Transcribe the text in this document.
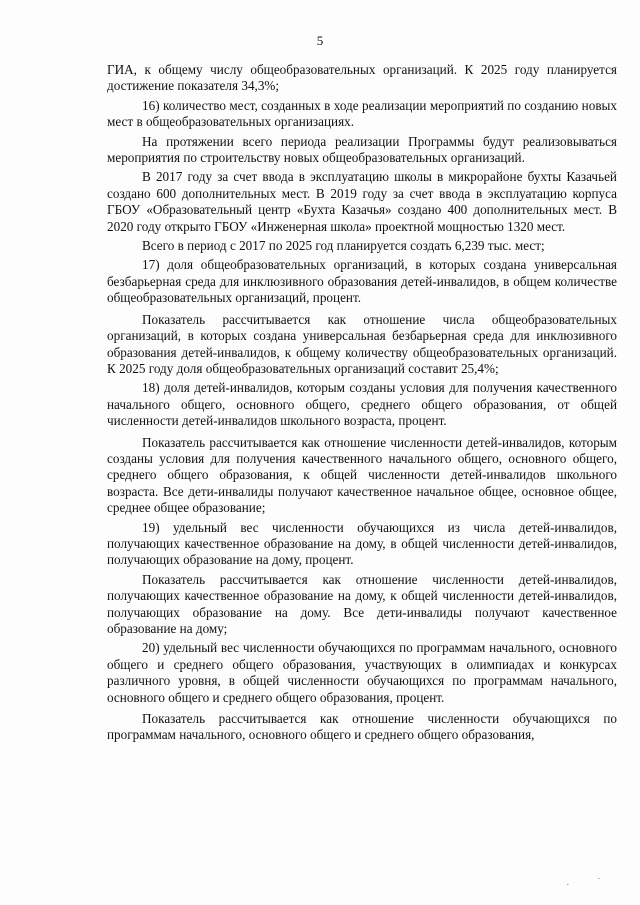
5

ГИА, к общему числу общеобразовательных организаций. К 2025 году планируется достижение показателя 34,3%;

16) количество мест, созданных в ходе реализации мероприятий по созданию новых мест в общеобразовательных организациях.

На протяжении всего периода реализации Программы будут реализовываться мероприятия по строительству новых общеобразовательных организаций.

В 2017 году за счет ввода в эксплуатацию школы в микрорайоне бухты Казачьей создано 600 дополнительных мест. В 2019 году за счет ввода в эксплуатацию корпуса ГБОУ «Образовательный центр «Бухта Казачья» создано 400 дополнительных мест. В 2020 году открыто ГБОУ «Инженерная школа» проектной мощностью 1320 мест.

Всего в период с 2017 по 2025 год планируется создать 6,239 тыс. мест;

17) доля общеобразовательных организаций, в которых создана универсальная безбарьерная среда для инклюзивного образования детей-инвалидов, в общем количестве общеобразовательных организаций, процент.

Показатель рассчитывается как отношение числа общеобразовательных организаций, в которых создана универсальная безбарьерная среда для инклюзивного образования детей-инвалидов, к общему количеству общеобразовательных организаций. К 2025 году доля общеобразовательных организаций составит 25,4%;

18) доля детей-инвалидов, которым созданы условия для получения качественного начального общего, основного общего, среднего общего образования, от общей численности детей-инвалидов школьного возраста, процент.

Показатель рассчитывается как отношение численности детей-инвалидов, которым созданы условия для получения качественного начального общего, основного общего, среднего общего образования, к общей численности детей-инвалидов школьного возраста. Все дети-инвалиды получают качественное начальное общее, основное общее, среднее общее образование;

19) удельный вес численности обучающихся из числа детей-инвалидов, получающих качественное образование на дому, в общей численности детей-инвалидов, получающих образование на дому, процент.

Показатель рассчитывается как отношение численности детей-инвалидов, получающих качественное образование на дому, к общей численности детей-инвалидов, получающих образование на дому. Все дети-инвалиды получают качественное образование на дому;

20) удельный вес численности обучающихся по программам начального, основного общего и среднего общего образования, участвующих в олимпиадах и конкурсах различного уровня, в общей численности обучающихся по программам начального, основного общего и среднего общего образования, процент.

Показатель рассчитывается как отношение численности обучающихся по программам начального, основного общего и среднего общего образования,

· ·
